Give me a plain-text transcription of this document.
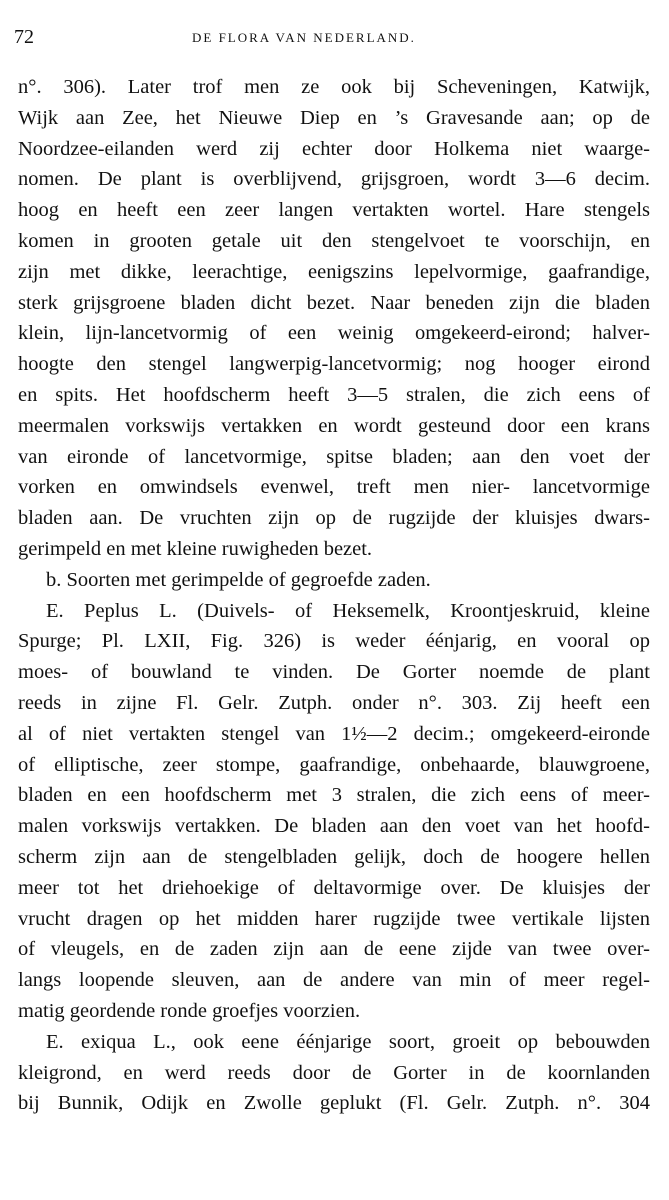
72	DE FLORA VAN NEDERLAND.
n°. 306). Later trof men ze ook bij Scheveningen, Katwijk,
Wijk aan Zee, het Nieuwe Diep en ’s Gravesande aan; op de
Noordzee-eilanden werd zij echter door Holkema niet waarge-
nomen. De plant is overblijvend, grijsgroen, wordt 3—6 decim.
hoog en heeft een zeer langen vertakten wortel. Hare stengels
komen in grooten getale uit den stengelvoet te voorschijn, en
zijn met dikke, leerachtige, eenigszins lepelvormige, gaafrandige,
sterk grijsgroene bladen dicht bezet. Naar beneden zijn die bladen
klein, lijn-lancetvormig of een weinig omgekeerd-eirond; halver-
hoogte den stengel langwerpig-lancetvormig; nog hooger eirond
en spits. Het hoofdscherm heeft 3—5 stralen, die zich eens of
meermalen vorkswijs vertakken en wordt gesteund door een krans
van eironde of lancetvormige, spitse bladen; aan den voet der
vorken en omwindsels evenwel, treft men nier- lancetvormige
bladen aan. De vruchten zijn op de rugzijde der kluisjes dwars-
gerimpeld en met kleine ruwigheden bezet.
b. Soorten met gerimpelde of gegroefde zaden.
E. Peplus L. (Duivels- of Heksemelk, Kroontjeskruid, kleine
Spurge; Pl. LXII, Fig. 326) is weder éénjarig, en vooral op
moes- of bouwland te vinden. De Gorter noemde de plant
reeds in zijne Fl. Gelr. Zutph. onder n°. 303. Zij heeft een
al of niet vertakten stengel van 1½—2 decim.; omgekeerd-eironde
of elliptische, zeer stompe, gaafrandige, onbehaarde, blauwgroene,
bladen en een hoofdscherm met 3 stralen, die zich eens of meer-
malen vorkswijs vertakken. De bladen aan den voet van het hoofd-
scherm zijn aan de stengelbladen gelijk, doch de hoogere hellen
meer tot het driehoekige of deltavormige over. De kluisjes der
vrucht dragen op het midden harer rugzijde twee vertikale lijsten
of vleugels, en de zaden zijn aan de eene zijde van twee over-
langs loopende sleuven, aan de andere van min of meer regel-
matig geordende ronde groefjes voorzien.
E. exiqua L., ook eene éénjarige soort, groeit op bebouwden
kleigrond, en werd reeds door de Gorter in de koornlanden
bij Bunnik, Odijk en Zwolle geplukt (Fl. Gelr. Zutph. n°. 304
